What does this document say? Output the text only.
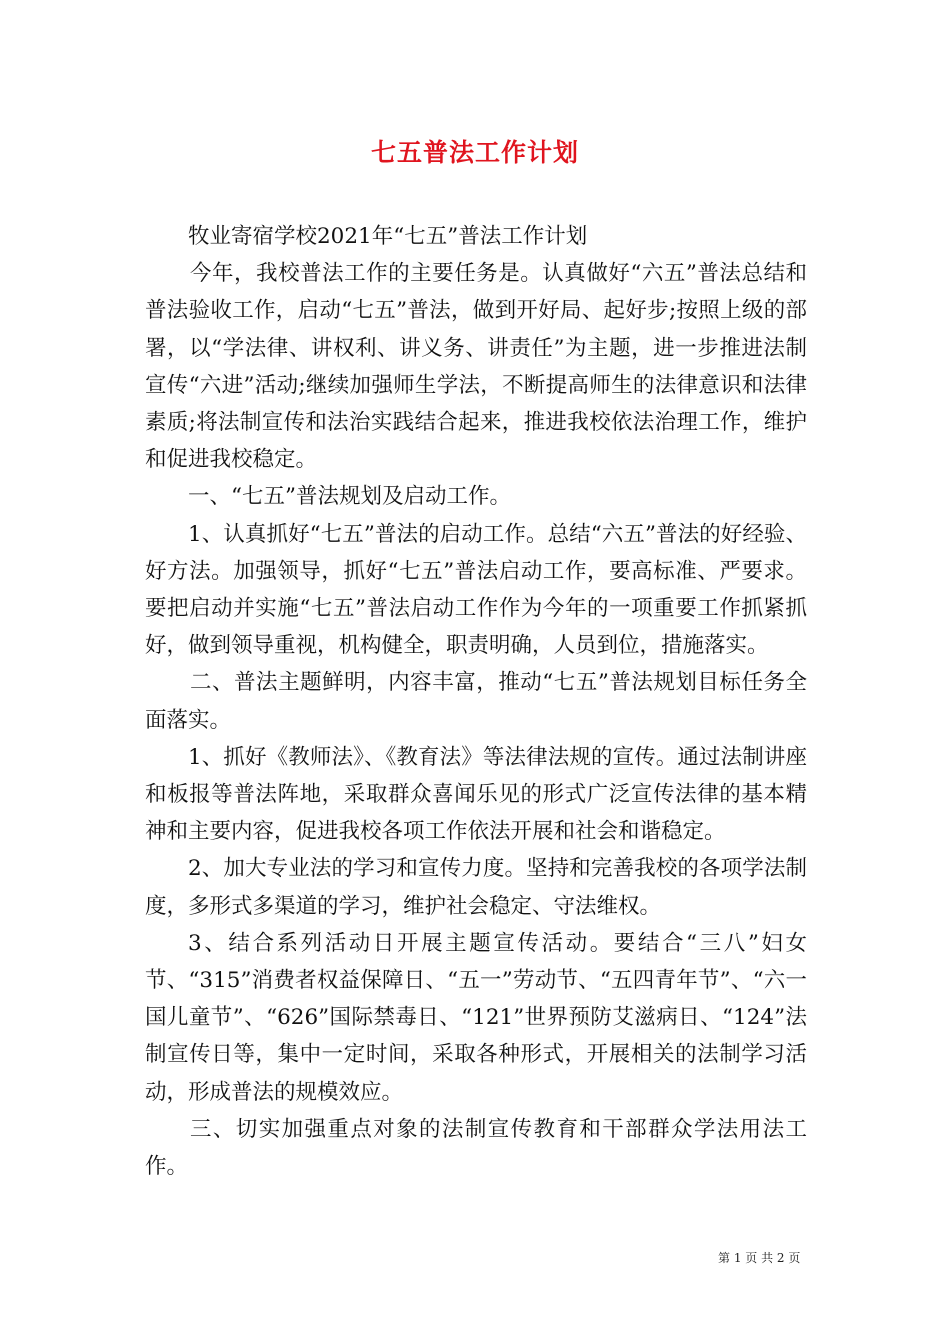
七五普法工作计划

牧业寄宿学校2021年“七五”普法工作计划

今年，我校普法工作的主要任务是。认真做好“六五”普法总结和普法验收工作，启动“七五”普法，做到开好局、起好步;按照上级的部署，以“学法律、讲权利、讲义务、讲责任”为主题，进一步推进法制宣传“六进”活动;继续加强师生学法，不断提高师生的法律意识和法律素质;将法制宣传和法治实践结合起来，推进我校依法治理工作，维护和促进我校稳定。

一、“七五”普法规划及启动工作。

1、认真抓好“七五”普法的启动工作。总结“六五”普法的好经验、好方法。加强领导，抓好“七五”普法启动工作，要高标准、严要求。要把启动并实施“七五”普法启动工作作为今年的一项重要工作抓紧抓好，做到领导重视，机构健全，职责明确，人员到位，措施落实。

二、普法主题鲜明，内容丰富，推动“七五”普法规划目标任务全面落实。

1、抓好《教师法》、《教育法》等法律法规的宣传。通过法制讲座和板报等普法阵地，采取群众喜闻乐见的形式广泛宣传法律的基本精神和主要内容，促进我校各项工作依法开展和社会和谐稳定。

2、加大专业法的学习和宣传力度。坚持和完善我校的各项学法制度，多形式多渠道的学习，维护社会稳定、守法维权。

3、结合系列活动日开展主题宣传活动。要结合“三八”妇女节、“315”消费者权益保障日、“五一”劳动节、“五四青年节”、“六一国儿童节”、“626”国际禁毒日、“121”世界预防艾滋病日、“124”法制宣传日等，集中一定时间，采取各种形式，开展相关的法制学习活动，形成普法的规模效应。

三、切实加强重点对象的法制宣传教育和干部群众学法用法工作。

第 1 页 共 2 页
